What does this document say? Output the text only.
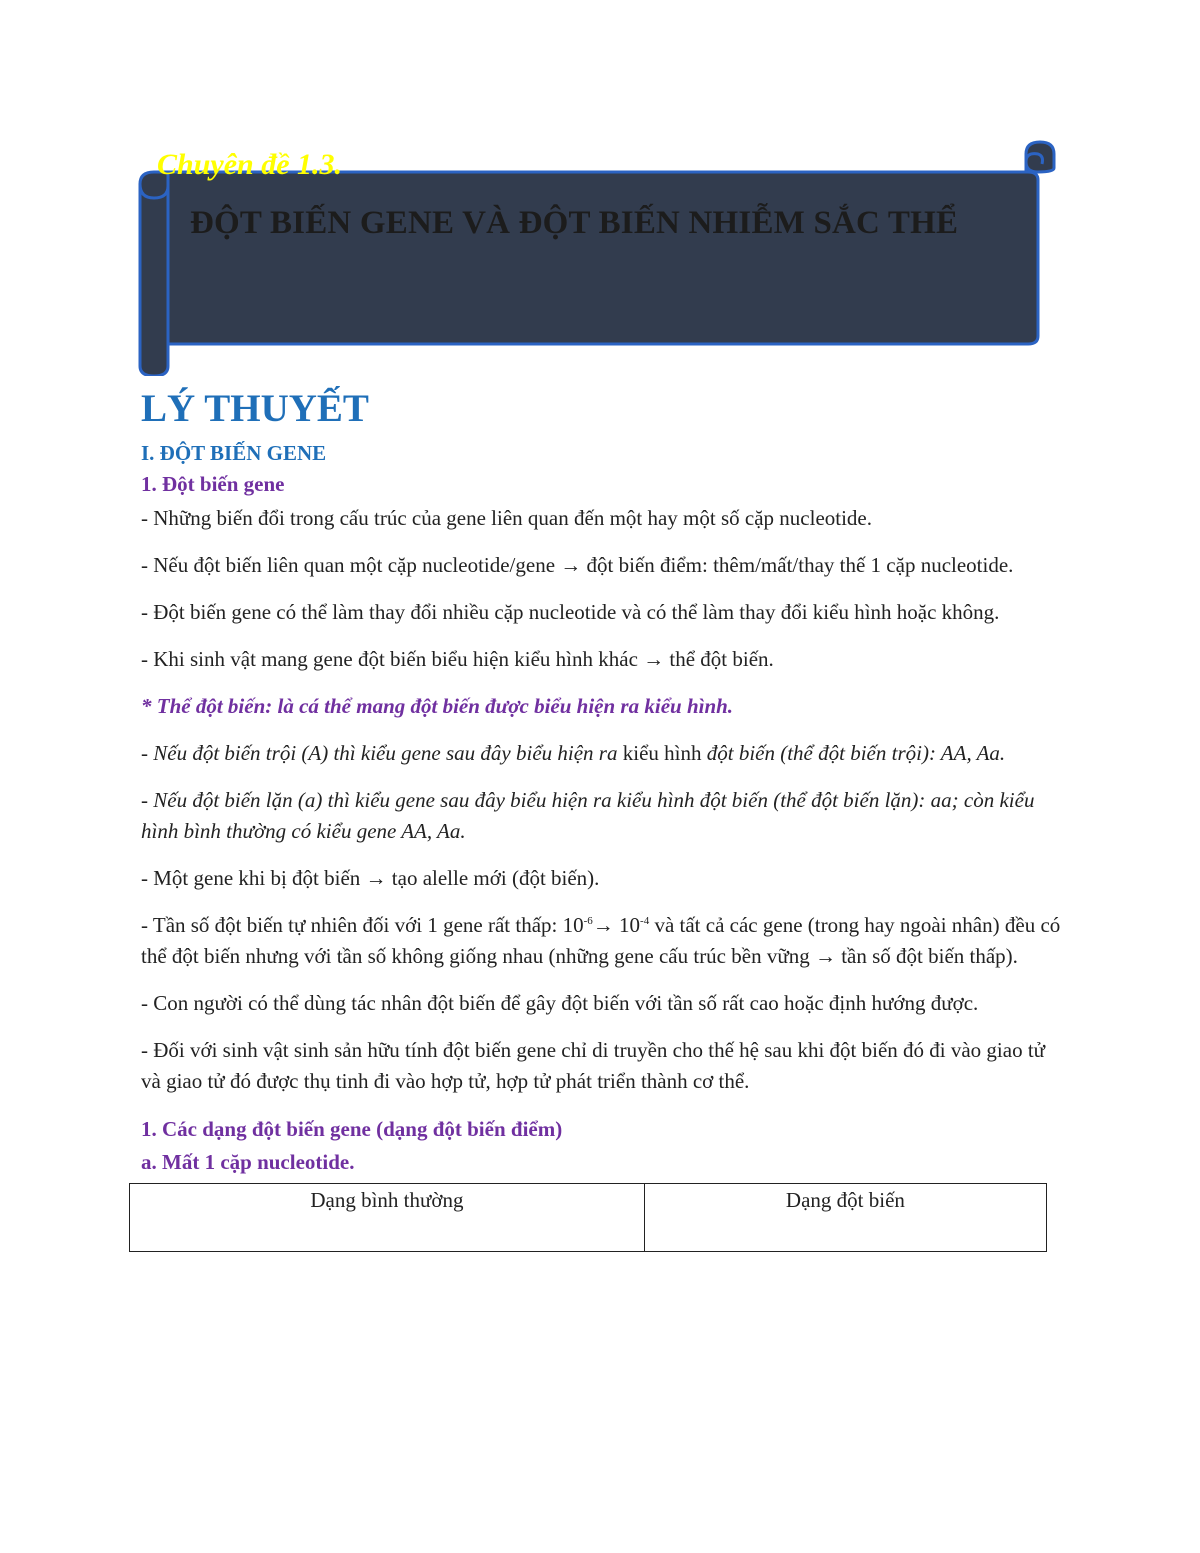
Chuyên đề 1.3.

ĐỘT BIẾN GENE VÀ ĐỘT BIẾN NHIỄM SẮC THỂ

LÝ THUYẾT
I. ĐỘT BIẾN GENE
1. Đột biến gene

- Những biến đổi trong cấu trúc của gene liên quan đến một hay một số cặp nucleotide.

- Nếu đột biến liên quan một cặp nucleotide/gene → đột biến điểm: thêm/mất/thay thế 1 cặp nucleotide.

- Đột biến gene có thể làm thay đổi nhiều cặp nucleotide và có thể làm thay đổi kiểu hình hoặc không.

- Khi sinh vật mang gene đột biến biểu hiện kiểu hình khác → thể đột biến.

* Thể đột biến: là cá thể mang đột biến được biểu hiện ra kiểu hình.

- Nếu đột biến trội (A) thì kiểu gene sau đây biểu hiện ra kiểu hình đột biến (thể đột biến trội): AA, Aa.

- Nếu đột biến lặn (a) thì kiểu gene sau đây biểu hiện ra kiểu hình đột biến (thể đột biến lặn): aa; còn kiểu hình bình thường có kiểu gene AA, Aa.

- Một gene khi bị đột biến → tạo alelle mới (đột biến).

- Tần số đột biến tự nhiên đối với 1 gene rất thấp: $10^{-6}\to 10^{-4}$ và tất cả các gene (trong hay ngoài nhân) đều có thể đột biến nhưng với tần số không giống nhau (những gene cấu trúc bền vững → tần số đột biến thấp).

- Con người có thể dùng tác nhân đột biến để gây đột biến với tần số rất cao hoặc định hướng được.

- Đối với sinh vật sinh sản hữu tính đột biến gene chỉ di truyền cho thế hệ sau khi đột biến đó đi vào giao tử và giao tử đó được thụ tinh đi vào hợp tử, hợp tử phát triển thành cơ thể.

1. Các dạng đột biến gene (dạng đột biến điểm)
a. Mất 1 cặp nucleotide.
Dạng bình thường	Dạng đột biến
